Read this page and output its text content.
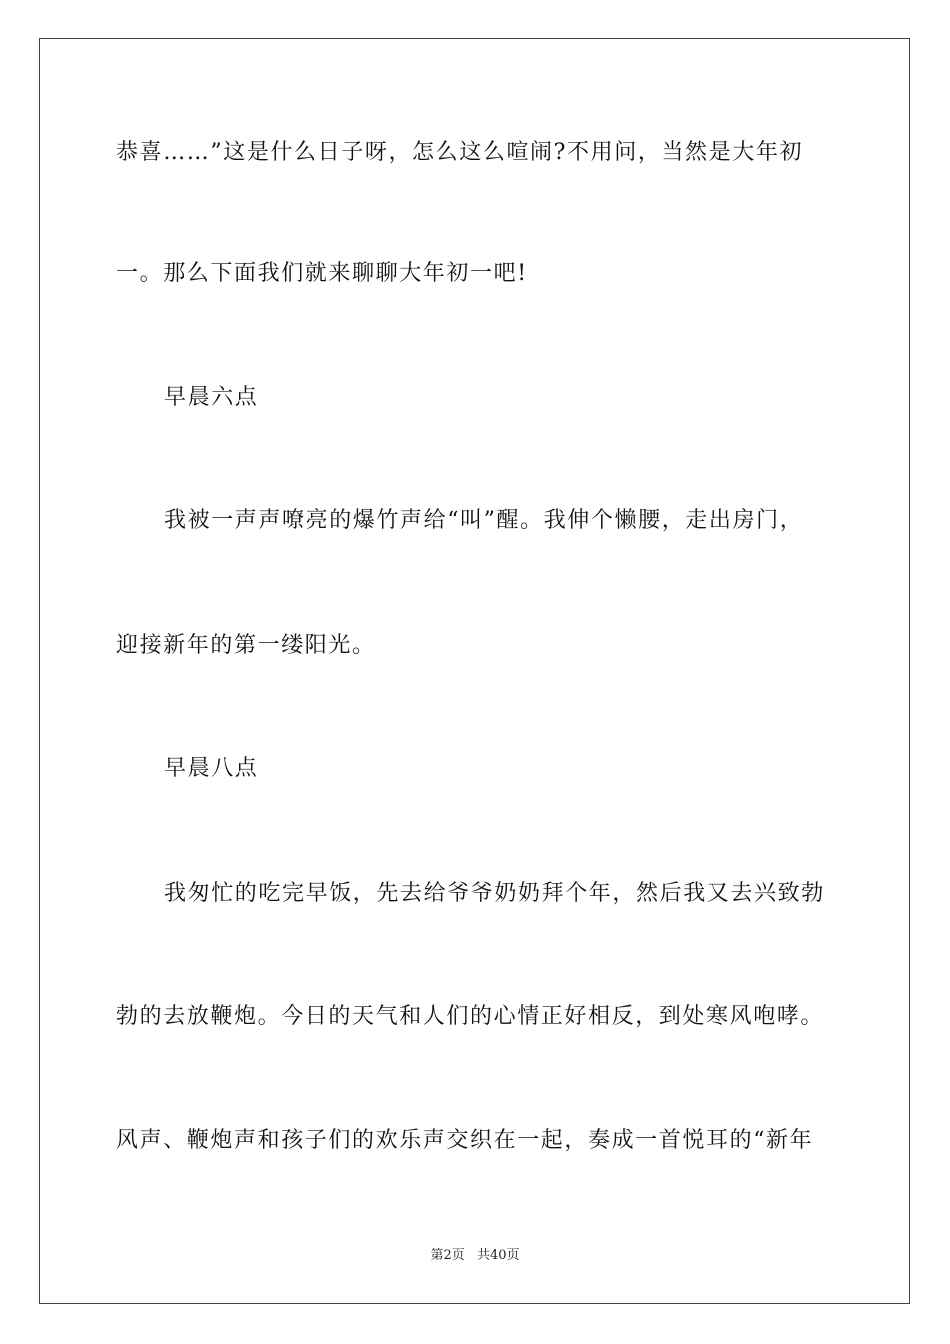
恭喜……”这是什么日子呀，怎么这么喧闹?不用问，当然是大年初
一。那么下面我们就来聊聊大年初一吧!
早晨六点
我被一声声嘹亮的爆竹声给“叫”醒。我伸个懒腰，走出房门，
迎接新年的第一缕阳光。
早晨八点
我匆忙的吃完早饭，先去给爷爷奶奶拜个年，然后我又去兴致勃
勃的去放鞭炮。今日的天气和人们的心情正好相反，到处寒风咆哮。
风声、鞭炮声和孩子们的欢乐声交织在一起，奏成一首悦耳的“新年
第2页 共40页
